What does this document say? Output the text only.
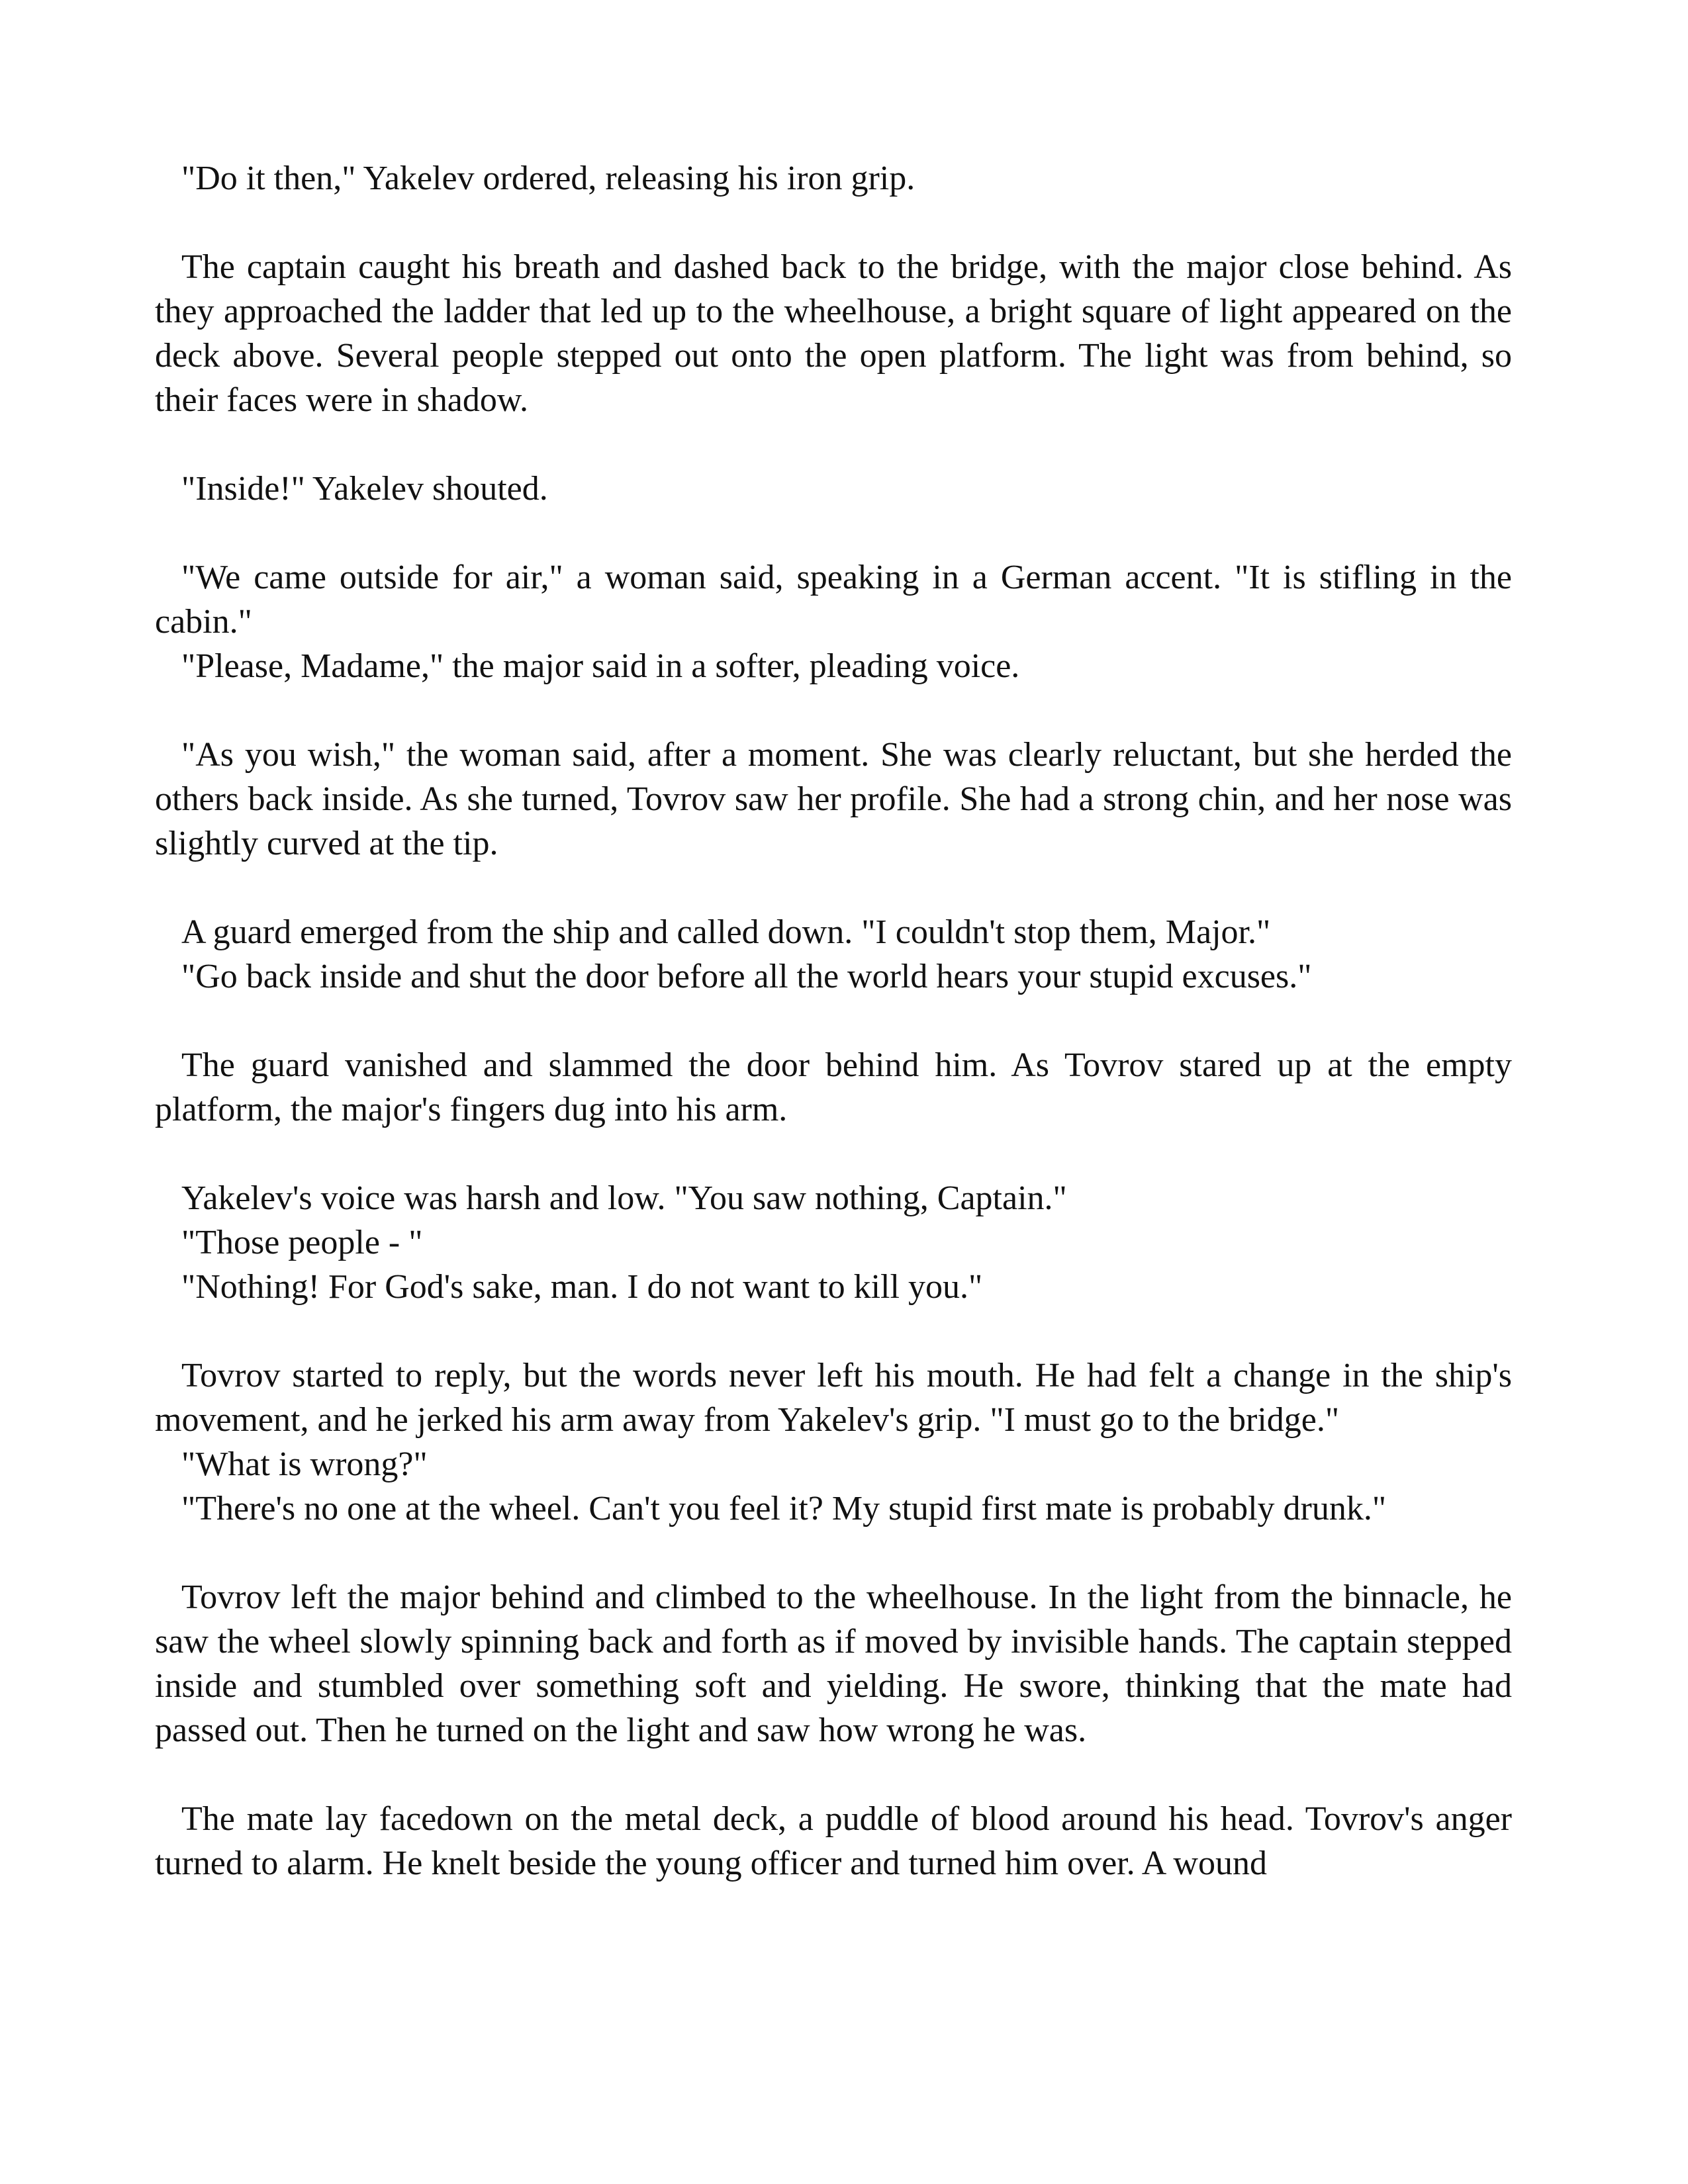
"Do it then," Yakelev ordered, releasing his iron grip.

The captain caught his breath and dashed back to the bridge, with the major close behind. As they approached the ladder that led up to the wheelhouse, a bright square of light appeared on the deck above. Several people stepped out onto the open platform. The light was from behind, so their faces were in shadow.

"Inside!" Yakelev shouted.

"We came outside for air," a woman said, speaking in a German accent. "It is stifling in the cabin."

"Please, Madame," the major said in a softer, pleading voice.

"As you wish," the woman said, after a moment. She was clearly reluctant, but she herded the others back inside. As she turned, Tovrov saw her profile. She had a strong chin, and her nose was slightly curved at the tip.

A guard emerged from the ship and called down. "I couldn't stop them, Major."

"Go back inside and shut the door before all the world hears your stupid excuses."

The guard vanished and slammed the door behind him. As Tovrov stared up at the empty platform, the major's fingers dug into his arm.

Yakelev's voice was harsh and low. "You saw nothing, Captain."

"Those people - "

"Nothing! For God's sake, man. I do not want to kill you."

Tovrov started to reply, but the words never left his mouth. He had felt a change in the ship's movement, and he jerked his arm away from Yakelev's grip. "I must go to the bridge."

"What is wrong?"

"There's no one at the wheel. Can't you feel it? My stupid first mate is probably drunk."

Tovrov left the major behind and climbed to the wheelhouse. In the light from the binnacle, he saw the wheel slowly spinning back and forth as if moved by invisible hands. The captain stepped inside and stumbled over something soft and yielding. He swore, thinking that the mate had passed out. Then he turned on the light and saw how wrong he was.

The mate lay facedown on the metal deck, a puddle of blood around his head. Tovrov's anger turned to alarm. He knelt beside the young officer and turned him over. A wound
